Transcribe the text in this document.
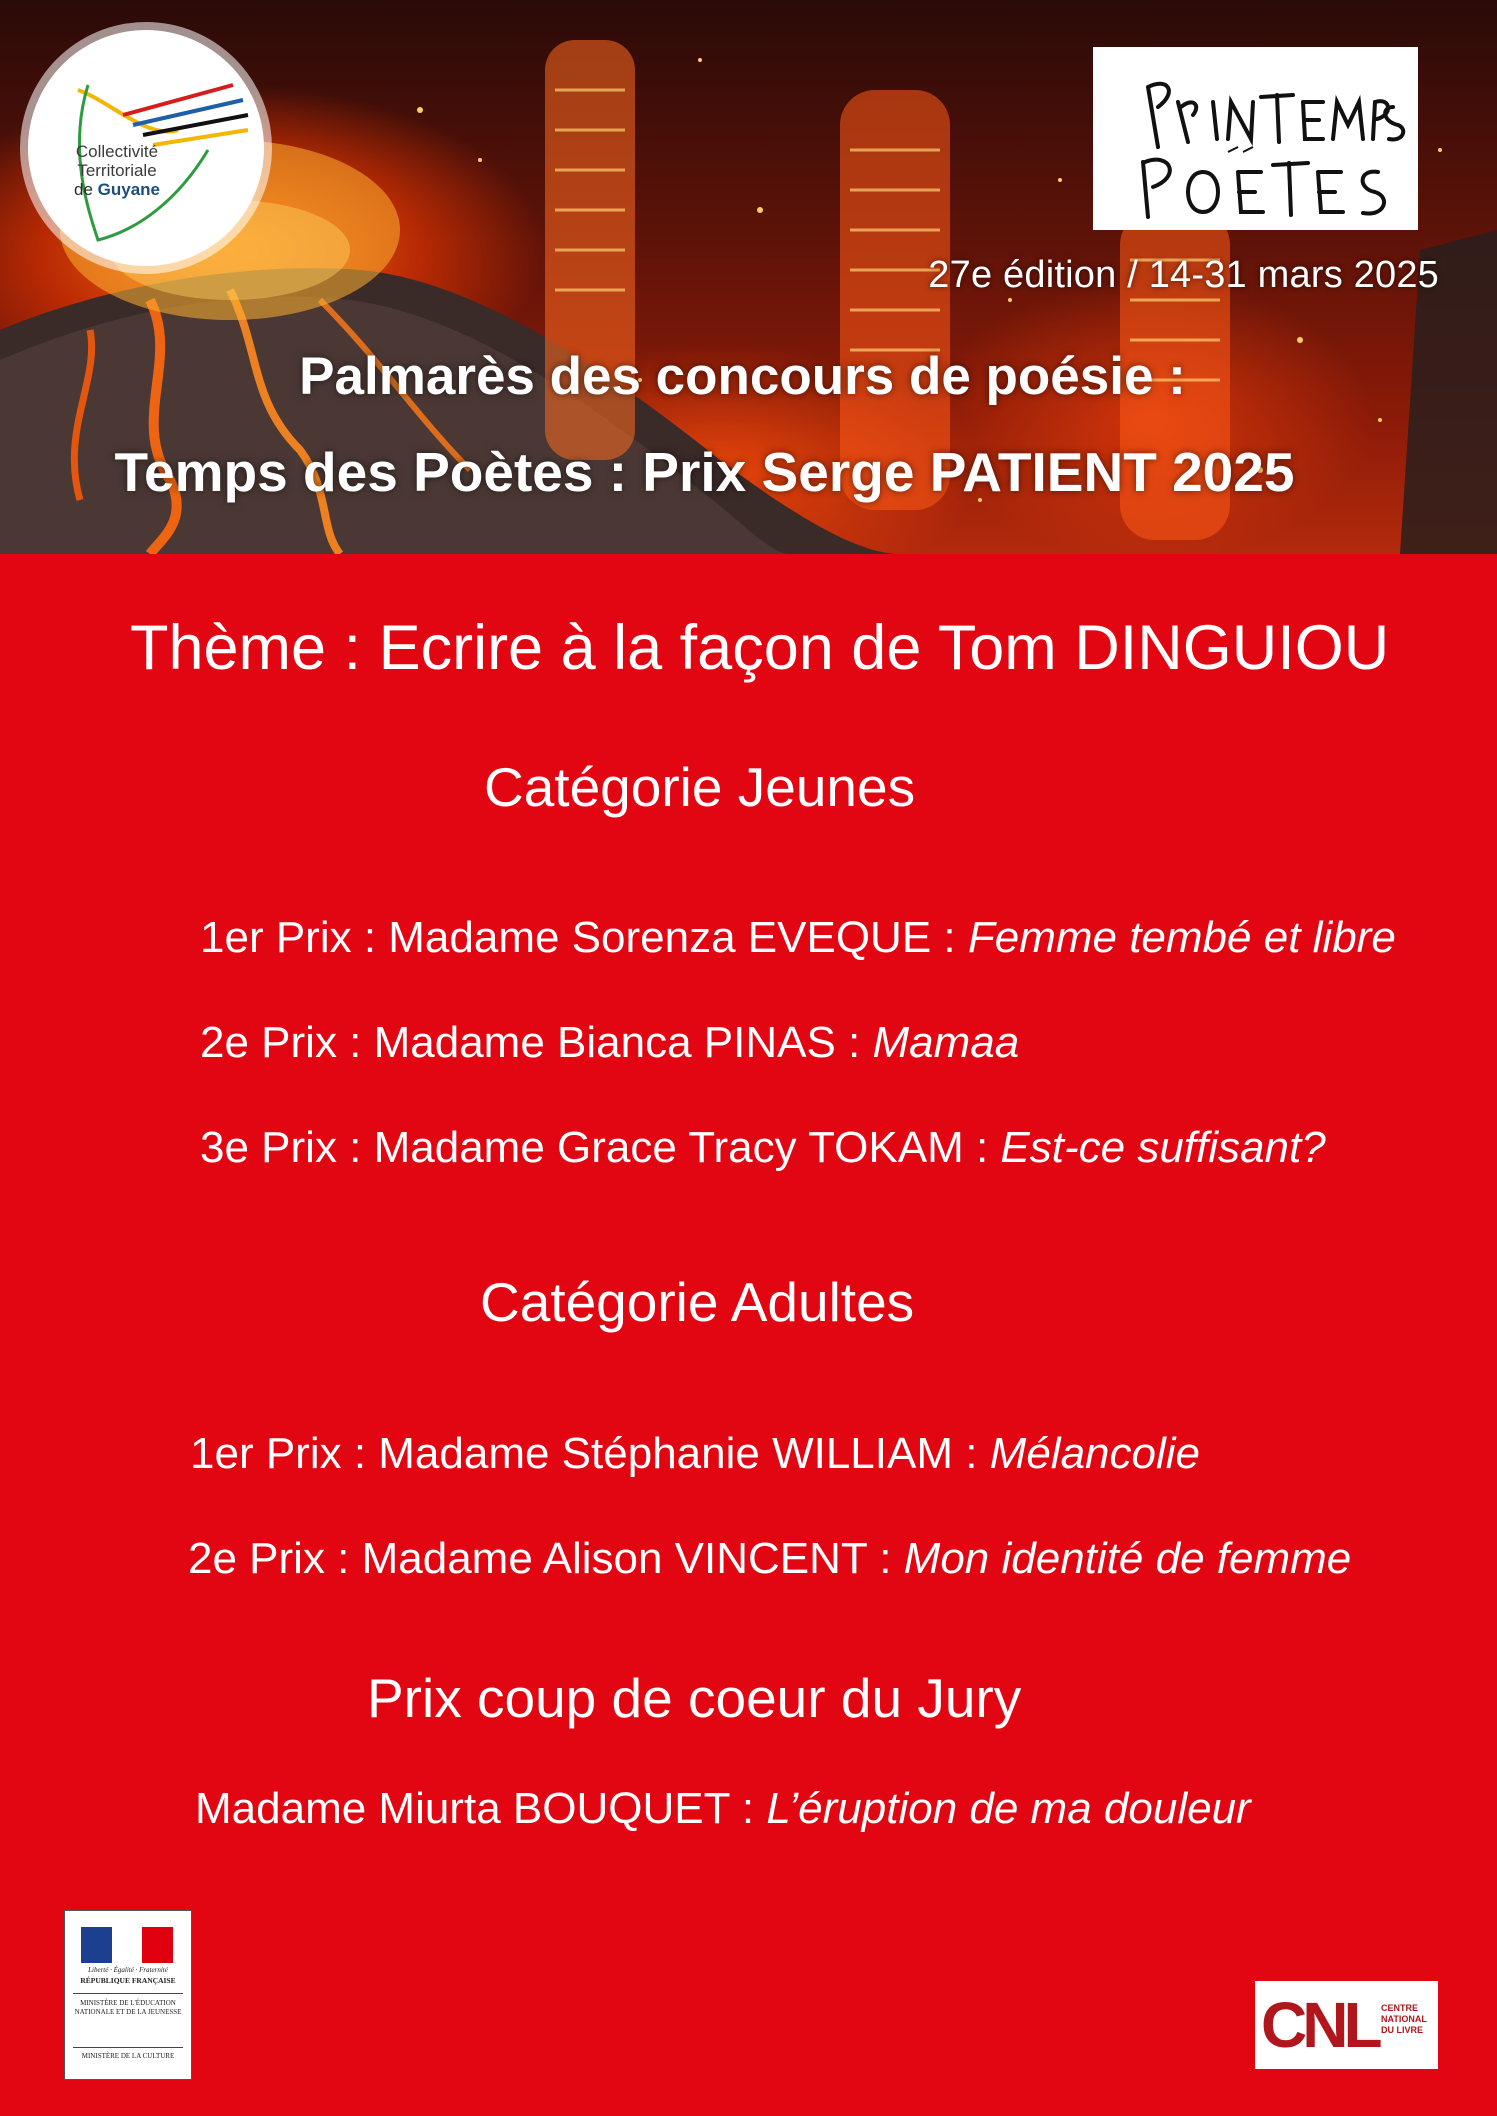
Collectivité
Territoriale
de Guyane
27e édition / 14-31 mars 2025
Palmarès des concours de poésie :
Temps des Poètes : Prix Serge PATIENT 2025
Thème : Ecrire à la façon de Tom DINGUIOU
Catégorie Jeunes
1er Prix : Madame Sorenza EVEQUE : Femme tembé et libre
2e Prix : Madame Bianca PINAS : Mamaa
3e Prix : Madame Grace Tracy TOKAM : Est-ce suffisant?
Catégorie Adultes
1er Prix : Madame Stéphanie WILLIAM : Mélancolie
2e Prix : Madame Alison VINCENT : Mon identité de femme
Prix coup de coeur du Jury
Madame Miurta BOUQUET : L’éruption de ma douleur
Liberté · Égalité · Fraternité
RÉPUBLIQUE FRANÇAISE
MINISTÈRE DE L'ÉDUCATION NATIONALE ET DE LA JEUNESSE
MINISTÈRE DE LA CULTURE	CNL CENTRE
NATIONAL
DU LIVRE
